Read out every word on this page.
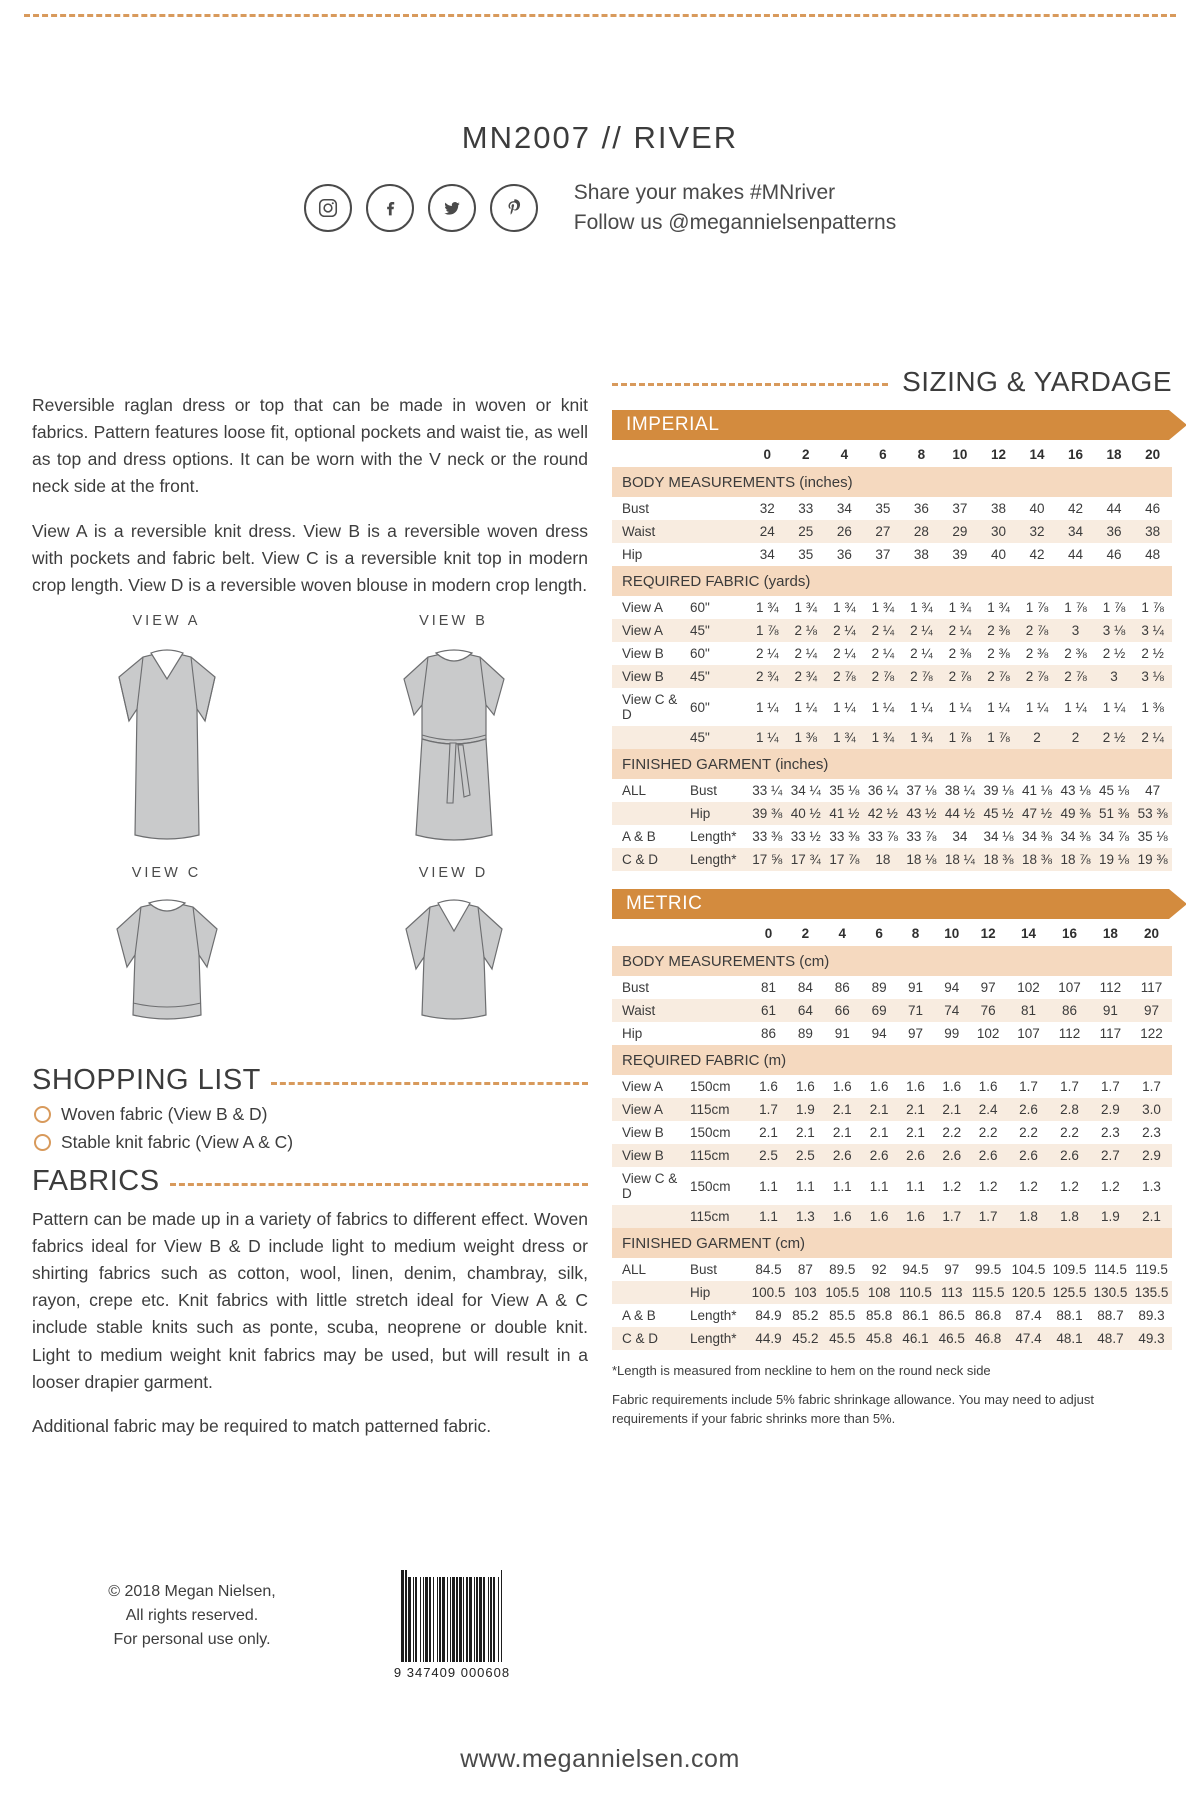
MN2007 // RIVER
Share your makes #MNriver
Follow us @megannielsenpatterns

Reversible raglan dress or top that can be made in woven or knit fabrics. Pattern features loose fit, optional pockets and waist tie, as well as top and dress options. It can be worn with the V neck or the round neck side at the front.

View A is a reversible knit dress. View B is a reversible woven dress with pockets and fabric belt. View C is a reversible knit top in modern crop length. View D is a reversible woven blouse in modern crop length.

VIEW A	VIEW B
VIEW C	VIEW D
SHOPPING LIST
Woven fabric (View B & D)
Stable knit fabric (View A & C)
FABRICS

Pattern can be made up in a variety of fabrics to different effect. Woven fabrics ideal for View B & D include light to medium weight dress or shirting fabrics such as cotton, wool, linen, denim, chambray, silk, rayon, crepe etc. Knit fabrics with little stretch ideal for View A & C include stable knits such as ponte, scuba, neoprene or double knit. Light to medium weight knit fabrics may be used, but will result in a looser drapier garment.

Additional fabric may be required to match patterned fabric.

© 2018 Megan Nielsen,
All rights reserved.
For personal use only.
9 347409 000608
SIZING & YARDAGE
IMPERIAL
		0	2	4	6	8	10	12	14	16	18	20
BODY MEASUREMENTS (inches)												
Bust		32	33	34	35	36	37	38	40	42	44	46
Waist		24	25	26	27	28	29	30	32	34	36	38
Hip		34	35	36	37	38	39	40	42	44	46	48
REQUIRED FABRIC (yards)												
View A	60"	1 ¾	1 ¾	1 ¾	1 ¾	1 ¾	1 ¾	1 ¾	1 ⅞	1 ⅞	1 ⅞	1 ⅞
View A	45"	1 ⅞	2 ⅛	2 ¼	2 ¼	2 ¼	2 ¼	2 ⅜	2 ⅞	3	3 ⅛	3 ¼
View B	60"	2 ¼	2 ¼	2 ¼	2 ¼	2 ¼	2 ⅜	2 ⅜	2 ⅜	2 ⅜	2 ½	2 ½
View B	45"	2 ¾	2 ¾	2 ⅞	2 ⅞	2 ⅞	2 ⅞	2 ⅞	2 ⅞	2 ⅞	3	3 ⅛
View C & D	60"	1 ¼	1 ¼	1 ¼	1 ¼	1 ¼	1 ¼	1 ¼	1 ¼	1 ¼	1 ¼	1 ⅜
	45"	1 ¼	1 ⅜	1 ¾	1 ¾	1 ¾	1 ⅞	1 ⅞	2	2	2 ½	2 ¼
FINISHED GARMENT (inches)												
ALL	Bust	33 ¼	34 ¼	35 ⅛	36 ¼	37 ⅛	38 ¼	39 ⅛	41 ⅛	43 ⅛	45 ⅛	47
	Hip	39 ⅜	40 ½	41 ½	42 ½	43 ½	44 ½	45 ½	47 ½	49 ⅜	51 ⅜	53 ⅜
A & B	Length*	33 ⅜	33 ½	33 ⅜	33 ⅞	33 ⅞	34	34 ⅛	34 ⅜	34 ⅜	34 ⅞	35 ⅛
C & D	Length*	17 ⅝	17 ¾	17 ⅞	18	18 ⅛	18 ¼	18 ⅜	18 ⅜	18 ⅞	19 ⅛	19 ⅜
METRIC
		0	2	4	6	8	10	12	14	16	18	20
BODY MEASUREMENTS (cm)												
Bust		81	84	86	89	91	94	97	102	107	112	117
Waist		61	64	66	69	71	74	76	81	86	91	97
Hip		86	89	91	94	97	99	102	107	112	117	122
REQUIRED FABRIC (m)												
View A	150cm	1.6	1.6	1.6	1.6	1.6	1.6	1.6	1.7	1.7	1.7	1.7
View A	115cm	1.7	1.9	2.1	2.1	2.1	2.1	2.4	2.6	2.8	2.9	3.0
View B	150cm	2.1	2.1	2.1	2.1	2.1	2.2	2.2	2.2	2.2	2.3	2.3
View B	115cm	2.5	2.5	2.6	2.6	2.6	2.6	2.6	2.6	2.6	2.7	2.9
View C & D	150cm	1.1	1.1	1.1	1.1	1.1	1.2	1.2	1.2	1.2	1.2	1.3
	115cm	1.1	1.3	1.6	1.6	1.6	1.7	1.7	1.8	1.8	1.9	2.1
FINISHED GARMENT (cm)												
ALL	Bust	84.5	87	89.5	92	94.5	97	99.5	104.5	109.5	114.5	119.5
	Hip	100.5	103	105.5	108	110.5	113	115.5	120.5	125.5	130.5	135.5
A & B	Length*	84.9	85.2	85.5	85.8	86.1	86.5	86.8	87.4	88.1	88.7	89.3
C & D	Length*	44.9	45.2	45.5	45.8	46.1	46.5	46.8	47.4	48.1	48.7	49.3
*Length is measured from neckline to hem on the round neck side
Fabric requirements include 5% fabric shrinkage allowance. You may need to adjust requirements if your fabric shrinks more than 5%.
www.megannielsen.com
